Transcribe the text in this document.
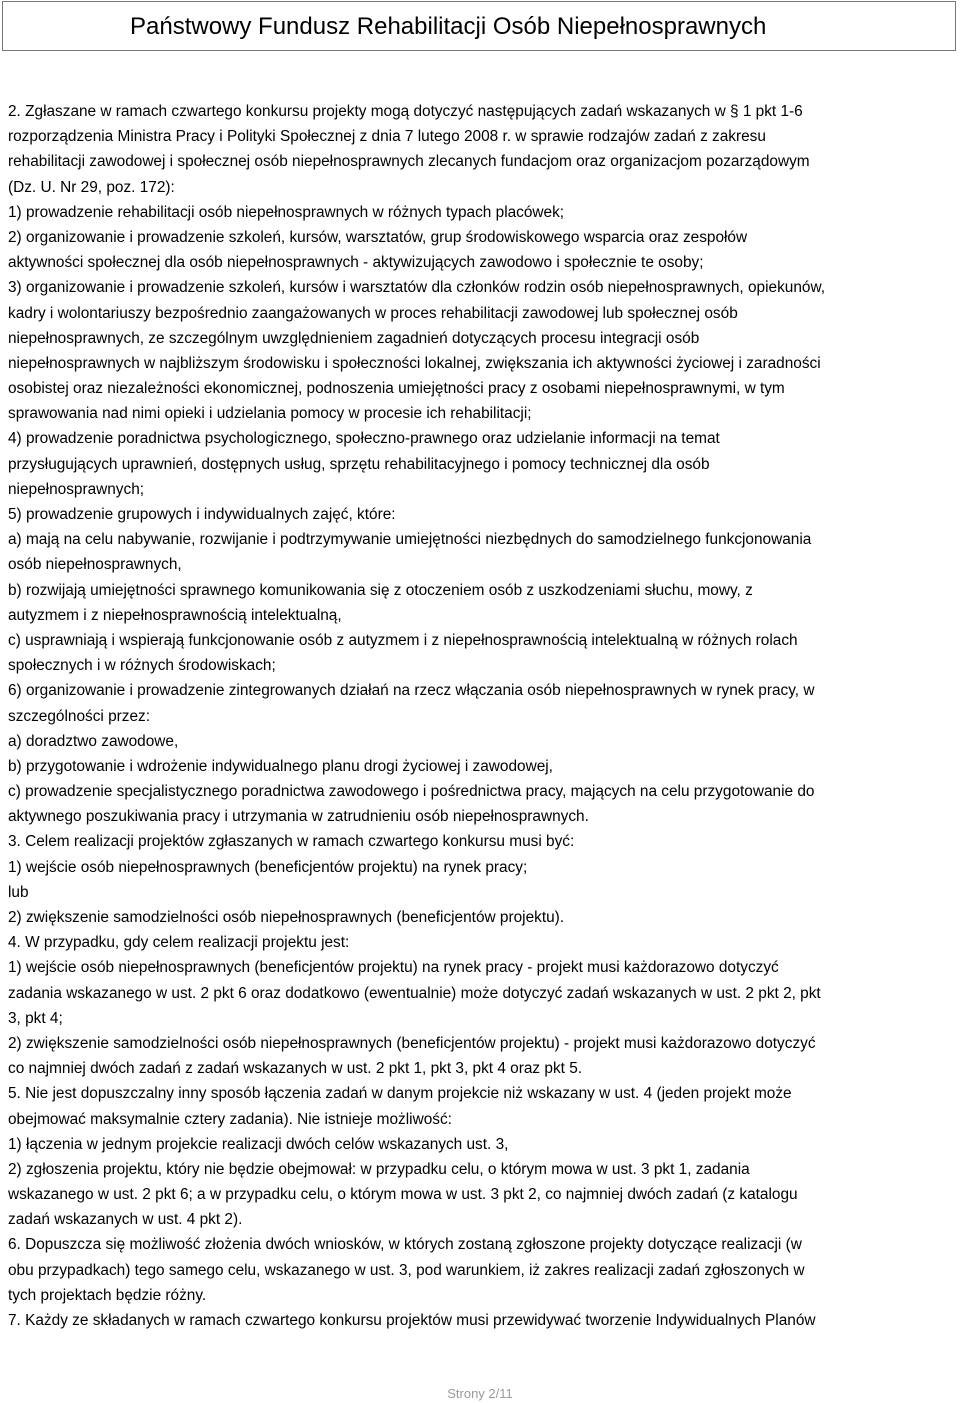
Państwowy Fundusz Rehabilitacji Osób Niepełnosprawnych
2. Zgłaszane w ramach czwartego konkursu projekty mogą dotyczyć następujących zadań wskazanych w § 1 pkt 1-6
rozporządzenia Ministra Pracy i Polityki Społecznej z dnia 7 lutego 2008 r. w sprawie rodzajów zadań z zakresu
rehabilitacji zawodowej i społecznej osób niepełnosprawnych zlecanych fundacjom oraz organizacjom pozarządowym
(Dz. U. Nr 29, poz. 172):
1) prowadzenie rehabilitacji osób niepełnosprawnych w różnych typach placówek;
2) organizowanie i prowadzenie szkoleń, kursów, warsztatów, grup środowiskowego wsparcia oraz zespołów
aktywności społecznej dla osób niepełnosprawnych - aktywizujących zawodowo i społecznie te osoby;
3) organizowanie i prowadzenie szkoleń, kursów i warsztatów dla członków rodzin osób niepełnosprawnych, opiekunów,
kadry i wolontariuszy bezpośrednio zaangażowanych w proces rehabilitacji zawodowej lub społecznej osób
niepełnosprawnych, ze szczególnym uwzględnieniem zagadnień dotyczących procesu integracji osób
niepełnosprawnych w najbliższym środowisku i społeczności lokalnej, zwiększania ich aktywności życiowej i zaradności
osobistej oraz niezależności ekonomicznej, podnoszenia umiejętności pracy z osobami niepełnosprawnymi, w tym
sprawowania nad nimi opieki i udzielania pomocy w procesie ich rehabilitacji;
4) prowadzenie poradnictwa psychologicznego, społeczno-prawnego oraz udzielanie informacji na temat
przysługujących uprawnień, dostępnych usług, sprzętu rehabilitacyjnego i pomocy technicznej dla osób
niepełnosprawnych;
5) prowadzenie grupowych i indywidualnych zajęć, które:
a) mają na celu nabywanie, rozwijanie i podtrzymywanie umiejętności niezbędnych do samodzielnego funkcjonowania
osób niepełnosprawnych,
b) rozwijają umiejętności sprawnego komunikowania się z otoczeniem osób z uszkodzeniami słuchu, mowy, z
autyzmem i z niepełnosprawnością intelektualną,
c) usprawniają i wspierają funkcjonowanie osób z autyzmem i z niepełnosprawnością intelektualną w różnych rolach
społecznych i w różnych środowiskach;
6) organizowanie i prowadzenie zintegrowanych działań na rzecz włączania osób niepełnosprawnych w rynek pracy, w
szczególności przez:
a) doradztwo zawodowe,
b) przygotowanie i wdrożenie indywidualnego planu drogi życiowej i zawodowej,
c) prowadzenie specjalistycznego poradnictwa zawodowego i pośrednictwa pracy, mających na celu przygotowanie do
aktywnego poszukiwania pracy i utrzymania w zatrudnieniu osób niepełnosprawnych.
3. Celem realizacji projektów zgłaszanych w ramach czwartego konkursu musi być:
1) wejście osób niepełnosprawnych (beneficjentów projektu) na rynek pracy;
lub
2) zwiększenie samodzielności osób niepełnosprawnych (beneficjentów projektu).
4. W przypadku, gdy celem realizacji projektu jest:
1) wejście osób niepełnosprawnych (beneficjentów projektu) na rynek pracy - projekt musi każdorazowo dotyczyć
zadania wskazanego w ust. 2 pkt 6 oraz dodatkowo (ewentualnie) może dotyczyć zadań wskazanych w ust. 2 pkt 2, pkt
3, pkt 4;
2) zwiększenie samodzielności osób niepełnosprawnych (beneficjentów projektu) - projekt musi każdorazowo dotyczyć
co najmniej dwóch zadań z zadań wskazanych w ust. 2 pkt 1, pkt 3, pkt 4 oraz pkt 5.
5. Nie jest dopuszczalny inny sposób łączenia zadań w danym projekcie niż wskazany w ust. 4 (jeden projekt może
obejmować maksymalnie cztery zadania). Nie istnieje możliwość:
1) łączenia w jednym projekcie realizacji dwóch celów wskazanych ust. 3,
2) zgłoszenia projektu, który nie będzie obejmował: w przypadku celu, o którym mowa w ust. 3 pkt 1, zadania
wskazanego w ust. 2 pkt 6; a w przypadku celu, o którym mowa w ust. 3 pkt 2, co najmniej dwóch zadań (z katalogu
zadań wskazanych w ust. 4 pkt 2).
6. Dopuszcza się możliwość złożenia dwóch wniosków, w których zostaną zgłoszone projekty dotyczące realizacji (w
obu przypadkach) tego samego celu, wskazanego w ust. 3, pod warunkiem, iż zakres realizacji zadań zgłoszonych w
tych projektach będzie różny.
7. Każdy ze składanych w ramach czwartego konkursu projektów musi przewidywać tworzenie Indywidualnych Planów
Strony 2/11
